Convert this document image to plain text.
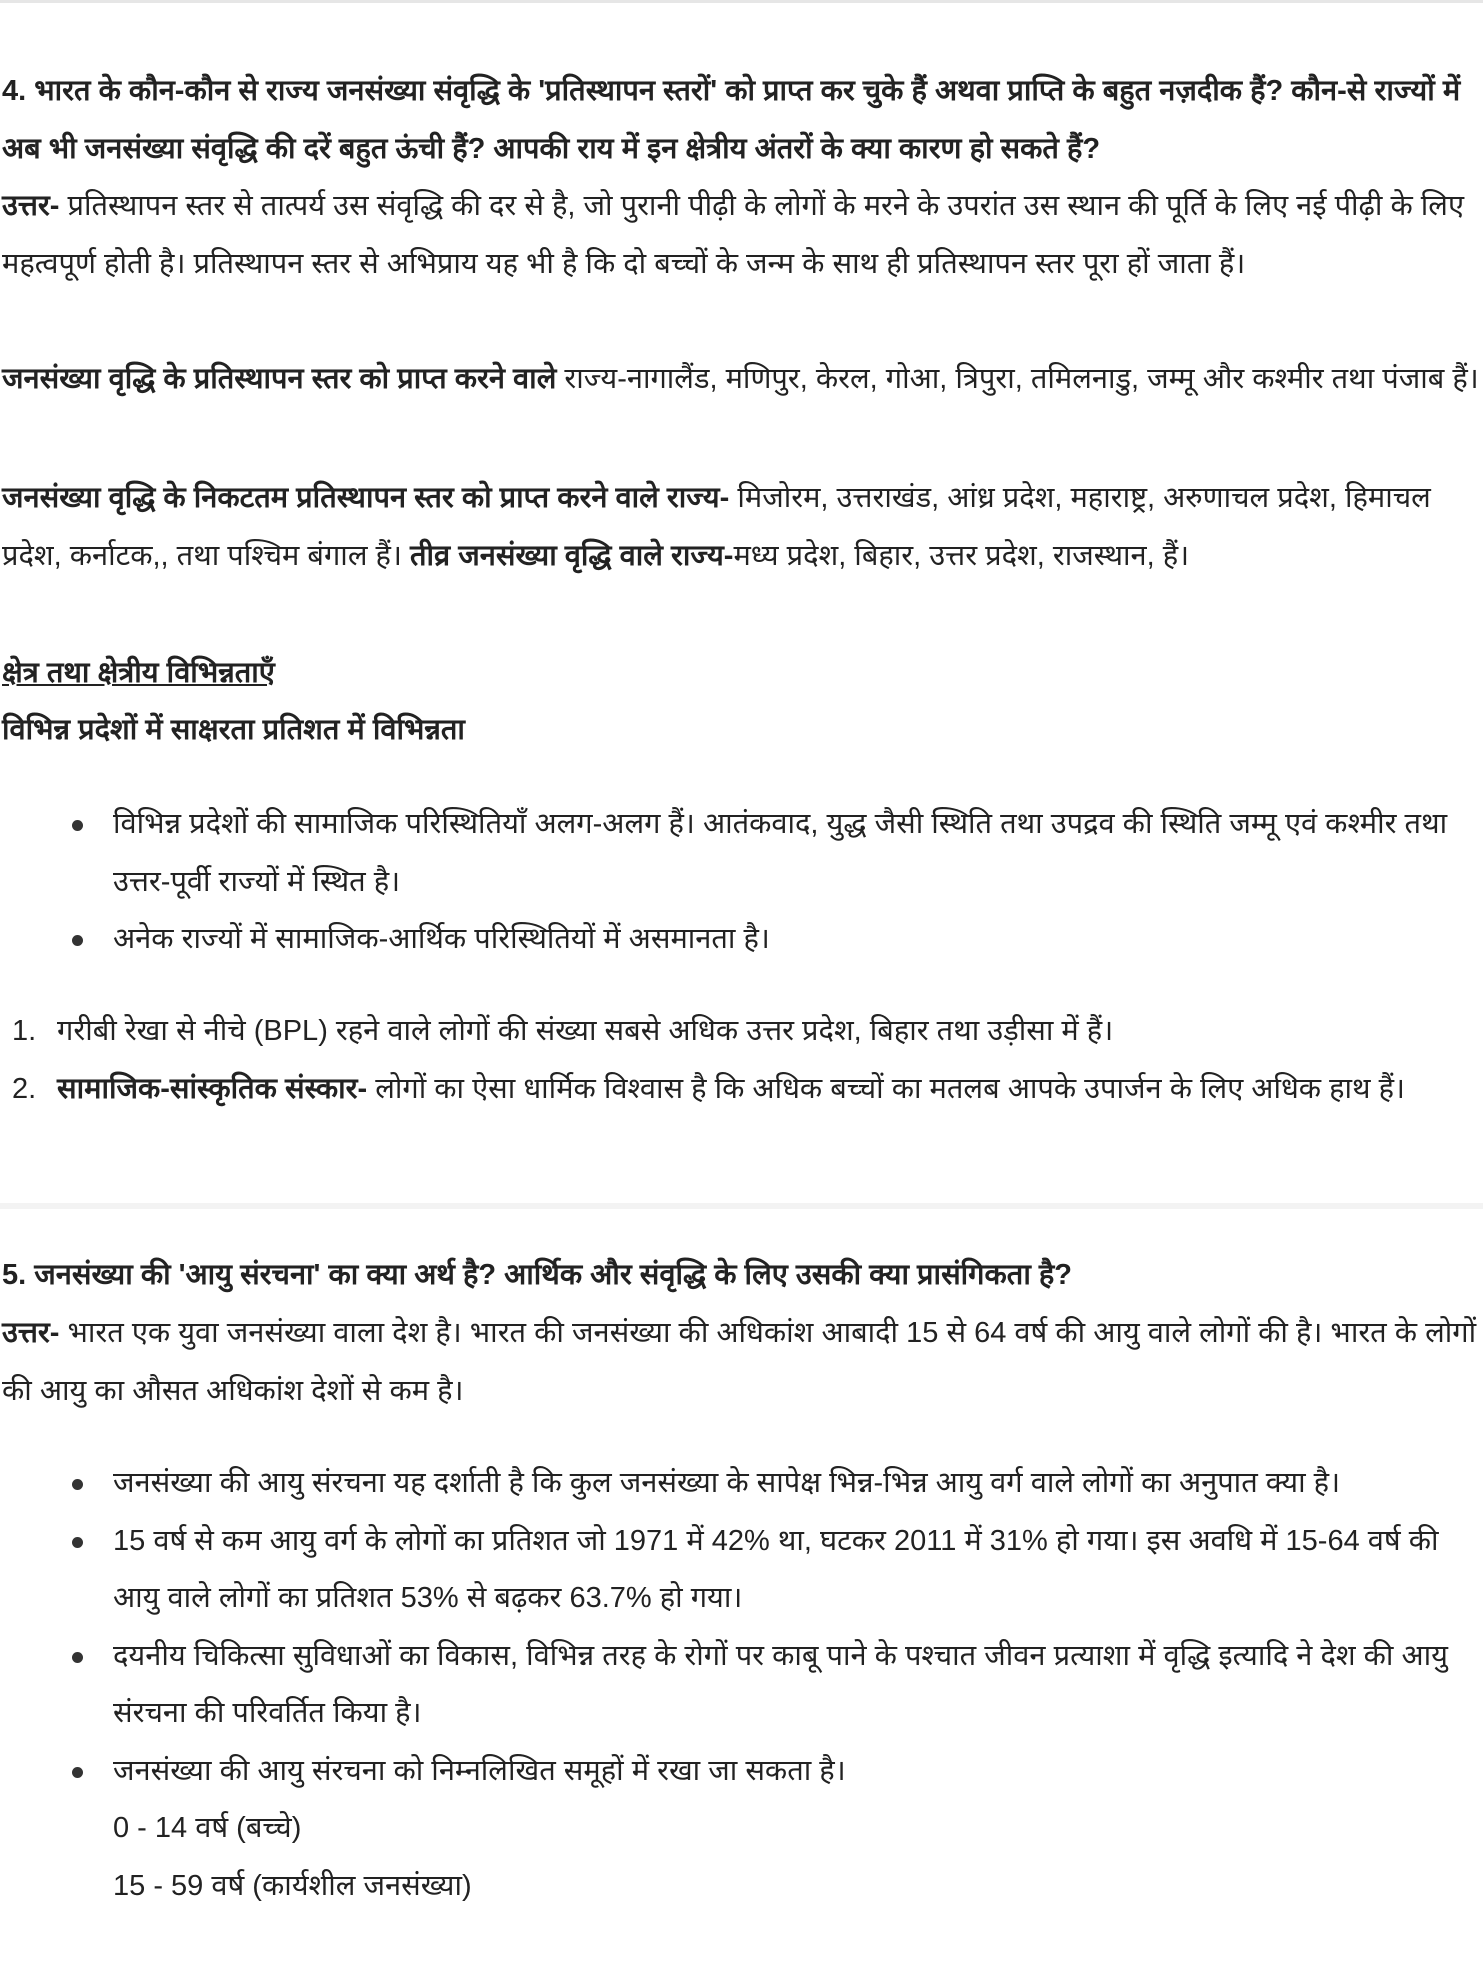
4. भारत के कौन-कौन से राज्य जनसंख्या संवृद्धि के 'प्रतिस्थापन स्तरों' को प्राप्त कर चुके हैं अथवा प्राप्ति के बहुत नज़दीक हैं? कौन-से राज्यों में अब भी जनसंख्या संवृद्धि की दरें बहुत ऊंची हैं? आपकी राय में इन क्षेत्रीय अंतरों के क्या कारण हो सकते हैं?

उत्तर- प्रतिस्थापन स्तर से तात्पर्य उस संवृद्धि की दर से है, जो पुरानी पीढ़ी के लोगों के मरने के उपरांत उस स्थान की पूर्ति के लिए नई पीढ़ी के लिए महत्वपूर्ण होती है। प्रतिस्थापन स्तर से अभिप्राय यह भी है कि दो बच्चों के जन्म के साथ ही प्रतिस्थापन स्तर पूरा हों जाता हैं।

जनसंख्या वृद्धि के प्रतिस्थापन स्तर को प्राप्त करने वाले राज्य-नागालैंड, मणिपुर, केरल, गोआ, त्रिपुरा, तमिलनाडु, जम्मू और कश्मीर तथा पंजाब हैं।

जनसंख्या वृद्धि के निकटतम प्रतिस्थापन स्तर को प्राप्त करने वाले राज्य- मिजोरम, उत्तराखंड, आंध्र प्रदेश, महाराष्ट्र, अरुणाचल प्रदेश, हिमाचल प्रदेश, कर्नाटक,, तथा पश्चिम बंगाल हैं। तीव्र जनसंख्या वृद्धि वाले राज्य-मध्य प्रदेश, बिहार, उत्तर प्रदेश, राजस्थान, हैं।

क्षेत्र तथा क्षेत्रीय विभिन्नताएँ

विभिन्न प्रदेशों में साक्षरता प्रतिशत में विभिन्नता

विभिन्न प्रदेशों की सामाजिक परिस्थितियाँ अलग-अलग हैं। आतंकवाद, युद्ध जैसी स्थिति तथा उपद्रव की स्थिति जम्मू एवं कश्मीर तथा उत्तर-पूर्वी राज्यों में स्थित है।
अनेक राज्यों में सामाजिक-आर्थिक परिस्थितियों में असमानता है।
1. गरीबी रेखा से नीचे (BPL) रहने वाले लोगों की संख्या सबसे अधिक उत्तर प्रदेश, बिहार तथा उड़ीसा में हैं।
2. सामाजिक-सांस्कृतिक संस्कार- लोगों का ऐसा धार्मिक विश्वास है कि अधिक बच्चों का मतलब आपके उपार्जन के लिए अधिक हाथ हैं।

5. जनसंख्या की 'आयु संरचना' का क्या अर्थ है? आर्थिक और संवृद्धि के लिए उसकी क्या प्रासंगिकता है?

उत्तर- भारत एक युवा जनसंख्या वाला देश है। भारत की जनसंख्या की अधिकांश आबादी 15 से 64 वर्ष की आयु वाले लोगों की है। भारत के लोगों की आयु का औसत अधिकांश देशों से कम है।

जनसंख्या की आयु संरचना यह दर्शाती है कि कुल जनसंख्या के सापेक्ष भिन्न-भिन्न आयु वर्ग वाले लोगों का अनुपात क्या है।
15 वर्ष से कम आयु वर्ग के लोगों का प्रतिशत जो 1971 में 42% था, घटकर 2011 में 31% हो गया। इस अवधि में 15-64 वर्ष की आयु वाले लोगों का प्रतिशत 53% से बढ़कर 63.7% हो गया।
दयनीय चिकित्सा सुविधाओं का विकास, विभिन्न तरह के रोगों पर काबू पाने के पश्चात जीवन प्रत्याशा में वृद्धि इत्यादि ने देश की आयु संरचना की परिवर्तित किया है।
जनसंख्या की आयु संरचना को निम्नलिखित समूहों में रखा जा सकता है।
0 - 14 वर्ष (बच्चे)
15 - 59 वर्ष (कार्यशील जनसंख्या)
